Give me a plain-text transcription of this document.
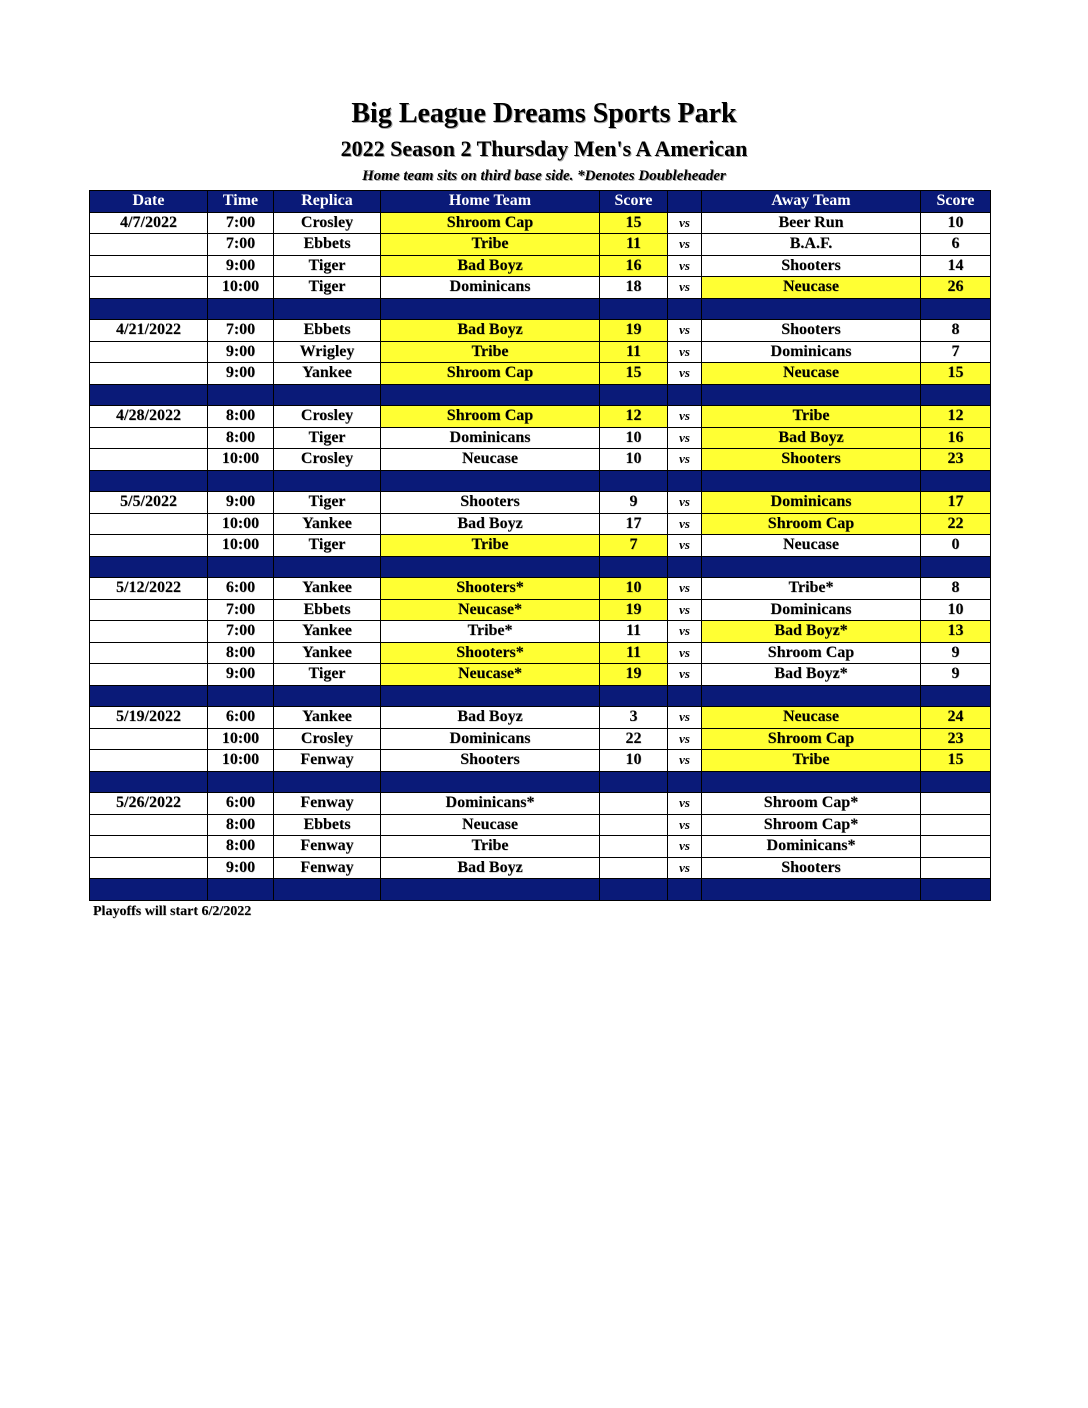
Big League Dreams Sports Park
2022 Season 2 Thursday Men's A American
Home team sits on third base side. *Denotes Doubleheader
Date	Time	Replica	Home Team	Score		Away Team	Score
4/7/2022	7:00	Crosley	Shroom Cap	15	vs	Beer Run	10
	7:00	Ebbets	Tribe	11	vs	B.A.F.	6
	9:00	Tiger	Bad Boyz	16	vs	Shooters	14
	10:00	Tiger	Dominicans	18	vs	Neucase	26

4/21/2022	7:00	Ebbets	Bad Boyz	19	vs	Shooters	8
	9:00	Wrigley	Tribe	11	vs	Dominicans	7
	9:00	Yankee	Shroom Cap	15	vs	Neucase	15

4/28/2022	8:00	Crosley	Shroom Cap	12	vs	Tribe	12
	8:00	Tiger	Dominicans	10	vs	Bad Boyz	16
	10:00	Crosley	Neucase	10	vs	Shooters	23

5/5/2022	9:00	Tiger	Shooters	9	vs	Dominicans	17
	10:00	Yankee	Bad Boyz	17	vs	Shroom Cap	22
	10:00	Tiger	Tribe	7	vs	Neucase	0

5/12/2022	6:00	Yankee	Shooters*	10	vs	Tribe*	8
	7:00	Ebbets	Neucase*	19	vs	Dominicans	10
	7:00	Yankee	Tribe*	11	vs	Bad Boyz*	13
	8:00	Yankee	Shooters*	11	vs	Shroom Cap	9
	9:00	Tiger	Neucase*	19	vs	Bad Boyz*	9

5/19/2022	6:00	Yankee	Bad Boyz	3	vs	Neucase	24
	10:00	Crosley	Dominicans	22	vs	Shroom Cap	23
	10:00	Fenway	Shooters	10	vs	Tribe	15

5/26/2022	6:00	Fenway	Dominicans*		vs	Shroom Cap*	
	8:00	Ebbets	Neucase		vs	Shroom Cap*	
	8:00	Fenway	Tribe		vs	Dominicans*	
	9:00	Fenway	Bad Boyz		vs	Shooters	

Playoffs will start 6/2/2022
